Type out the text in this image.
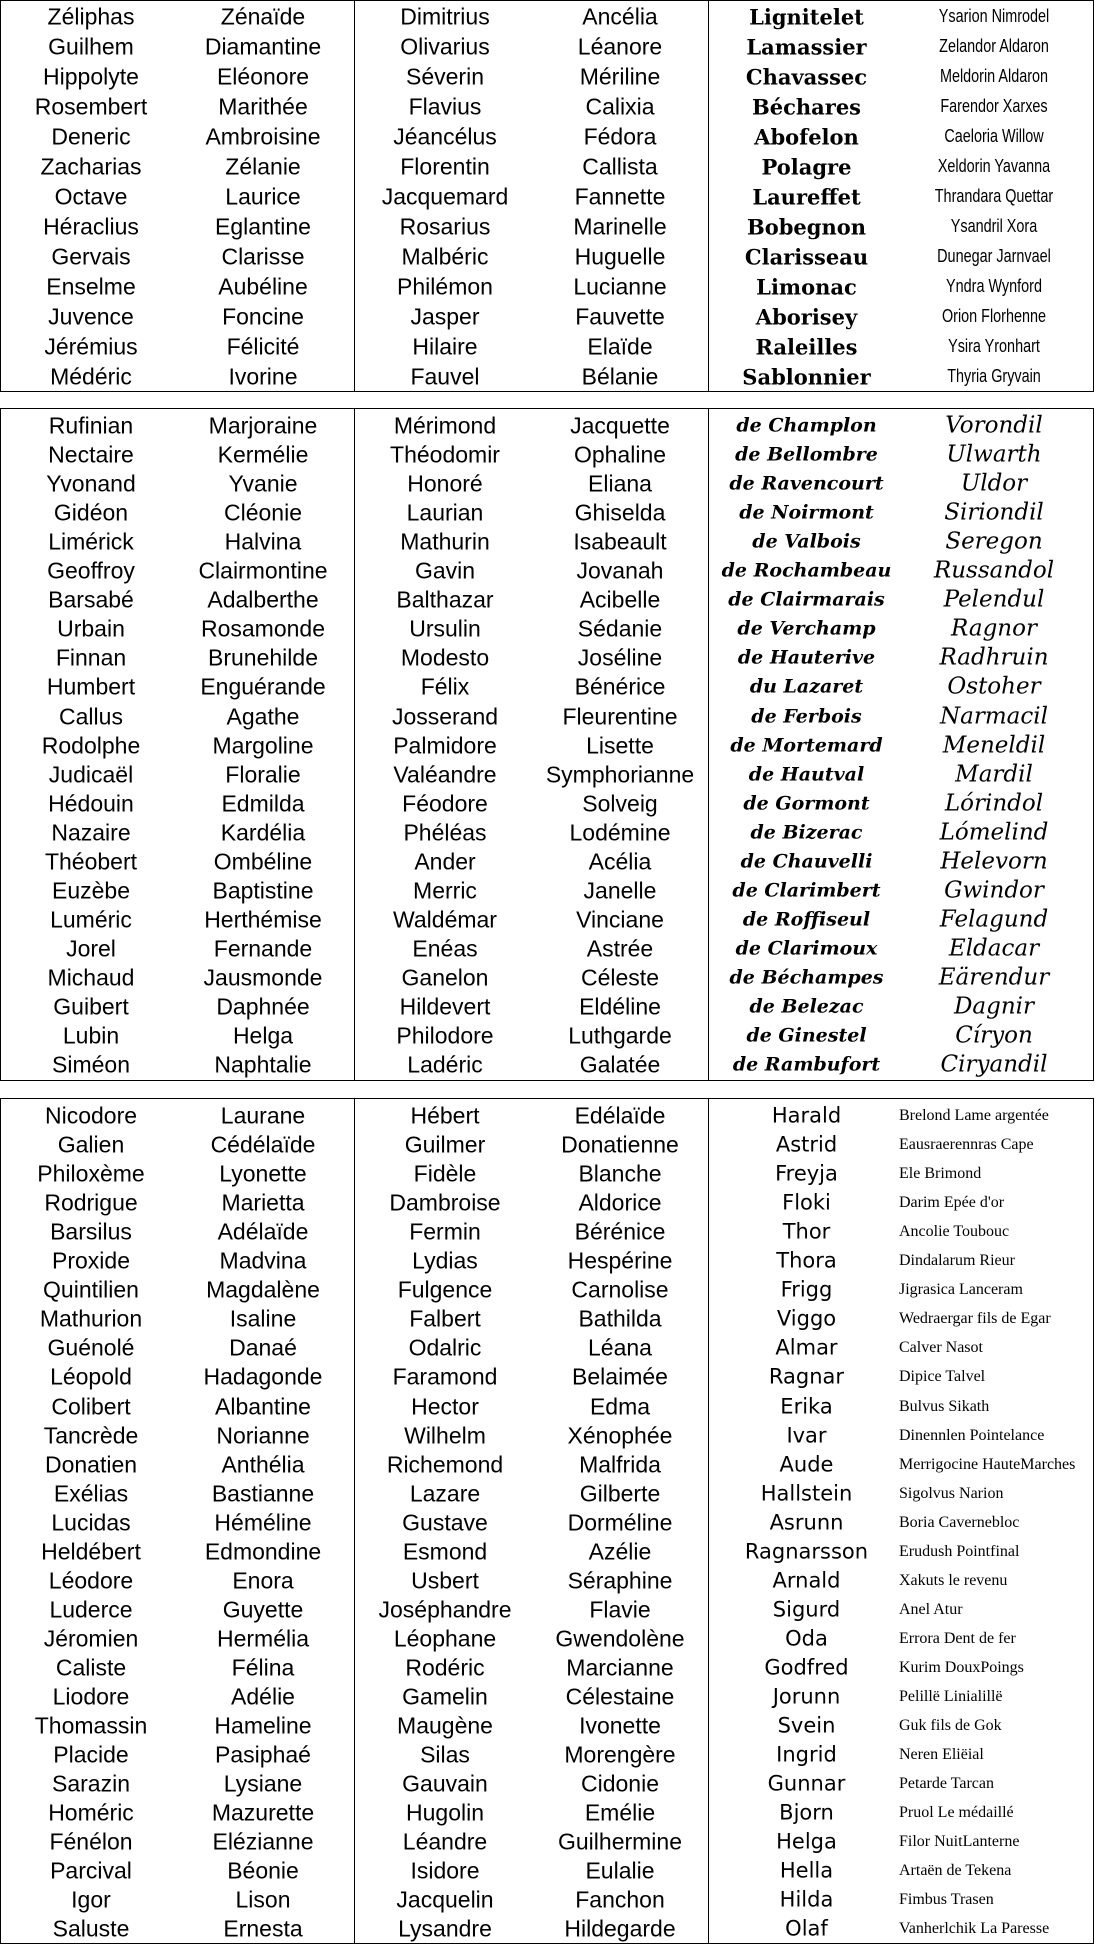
Zéliphas
Guilhem
Hippolyte
Rosembert
Deneric
Zacharias
Octave
Héraclius
Gervais
Enselme
Juvence
Jérémius
Médéric
Zénaïde
Diamantine
Eléonore
Marithée
Ambroisine
Zélanie
Laurice
Eglantine
Clarisse
Aubéline
Foncine
Félicité
Ivorine
Dimitrius
Olivarius
Séverin
Flavius
Jéancélus
Florentin
Jacquemard
Rosarius
Malbéric
Philémon
Jasper
Hilaire
Fauvel
Ancélia
Léanore
Mériline
Calixia
Fédora
Callista
Fannette
Marinelle
Huguelle
Lucianne
Fauvette
Elaïde
Bélanie
Lignitelet
Lamassier
Chavassec
Béchares
Abofelon
Polagre
Laureffet
Bobegnon
Clarisseau
Limonac
Aborisey
Raleilles
Sablonnier
Ysarion Nimrodel
Zelandor Aldaron
Meldorin Aldaron
Farendor Xarxes
Caeloria Willow
Xeldorin Yavanna
Thrandara Quettar
Ysandril Xora
Dunegar Jarnvael
Yndra Wynford
Orion Florhenne
Ysira Yronhart
Thyria Gryvain
Rufinian
Nectaire
Yvonand
Gidéon
Limérick
Geoffroy
Barsabé
Urbain
Finnan
Humbert
Callus
Rodolphe
Judicaël
Hédouin
Nazaire
Théobert
Euzèbe
Luméric
Jorel
Michaud
Guibert
Lubin
Siméon
Marjoraine
Kermélie
Yvanie
Cléonie
Halvina
Clairmontine
Adalberthe
Rosamonde
Brunehilde
Enguérande
Agathe
Margoline
Floralie
Edmilda
Kardélia
Ombéline
Baptistine
Herthémise
Fernande
Jausmonde
Daphnée
Helga
Naphtalie
Mérimond
Théodomir
Honoré
Laurian
Mathurin
Gavin
Balthazar
Ursulin
Modesto
Félix
Josserand
Palmidore
Valéandre
Féodore
Phéléas
Ander
Merric
Waldémar
Enéas
Ganelon
Hildevert
Philodore
Ladéric
Jacquette
Ophaline
Eliana
Ghiselda
Isabeault
Jovanah
Acibelle
Sédanie
Joséline
Bénérice
Fleurentine
Lisette
Symphorianne
Solveig
Lodémine
Acélia
Janelle
Vinciane
Astrée
Céleste
Eldéline
Luthgarde
Galatée
de Champlon
de Bellombre
de Ravencourt
de Noirmont
de Valbois
de Rochambeau
de Clairmarais
de Verchamp
de Hauterive
du Lazaret
de Ferbois
de Mortemard
de Hautval
de Gormont
de Bizerac
de Chauvelli
de Clarimbert
de Roffiseul
de Clarimoux
de Béchampes
de Belezac
de Ginestel
de Rambufort
Vorondil
Ulwarth
Uldor
Siriondil
Seregon
Russandol
Pelendul
Ragnor
Radhruin
Ostoher
Narmacil
Meneldil
Mardil
Lórindol
Lómelind
Helevorn
Gwindor
Felagund
Eldacar
Eärendur
Dagnir
Círyon
Ciryandil
Nicodore
Galien
Philoxème
Rodrigue
Barsilus
Proxide
Quintilien
Mathurion
Guénolé
Léopold
Colibert
Tancrède
Donatien
Exélias
Lucidas
Heldébert
Léodore
Luderce
Jéromien
Caliste
Liodore
Thomassin
Placide
Sarazin
Homéric
Fénélon
Parcival
Igor
Saluste
Laurane
Cédélaïde
Lyonette
Marietta
Adélaïde
Madvina
Magdalène
Isaline
Danaé
Hadagonde
Albantine
Norianne
Anthélia
Bastianne
Héméline
Edmondine
Enora
Guyette
Hermélia
Félina
Adélie
Hameline
Pasiphaé
Lysiane
Mazurette
Elézianne
Béonie
Lison
Ernesta
Hébert
Guilmer
Fidèle
Dambroise
Fermin
Lydias
Fulgence
Falbert
Odalric
Faramond
Hector
Wilhelm
Richemond
Lazare
Gustave
Esmond
Usbert
Joséphandre
Léophane
Rodéric
Gamelin
Maugène
Silas
Gauvain
Hugolin
Léandre
Isidore
Jacquelin
Lysandre
Edélaïde
Donatienne
Blanche
Aldorice
Bérénice
Hespérine
Carnolise
Bathilda
Léana
Belaimée
Edma
Xénophée
Malfrida
Gilberte
Dorméline
Azélie
Séraphine
Flavie
Gwendolène
Marcianne
Célestaine
Ivonette
Morengère
Cidonie
Emélie
Guilhermine
Eulalie
Fanchon
Hildegarde
Harald
Astrid
Freyja
Floki
Thor
Thora
Frigg
Viggo
Almar
Ragnar
Erika
Ivar
Aude
Hallstein
Asrunn
Ragnarsson
Arnald
Sigurd
Oda
Godfred
Jorunn
Svein
Ingrid
Gunnar
Bjorn
Helga
Hella
Hilda
Olaf
Brelond Lame argentée
Eausraerennras Cape
Ele Brimond
Darim Epée d'or
Ancolie Toubouc
Dindalarum Rieur
Jigrasica Lanceram
Wedraergar fils de Egar
Calver Nasot
Dipice Talvel
Bulvus Sikath
Dinennlen Pointelance
Merrigocine HauteMarches
Sigolvus Narion
Boria Cavernebloc
Erudush Pointfinal
Xakuts le revenu
Anel Atur
Errora Dent de fer
Kurim DouxPoings
Pelillë Linialillë
Guk fils de Gok
Neren Eliëial
Petarde Tarcan
Pruol Le médaillé
Filor NuitLanterne
Artaën de Tekena
Fimbus Trasen
Vanherlchik La Paresse
